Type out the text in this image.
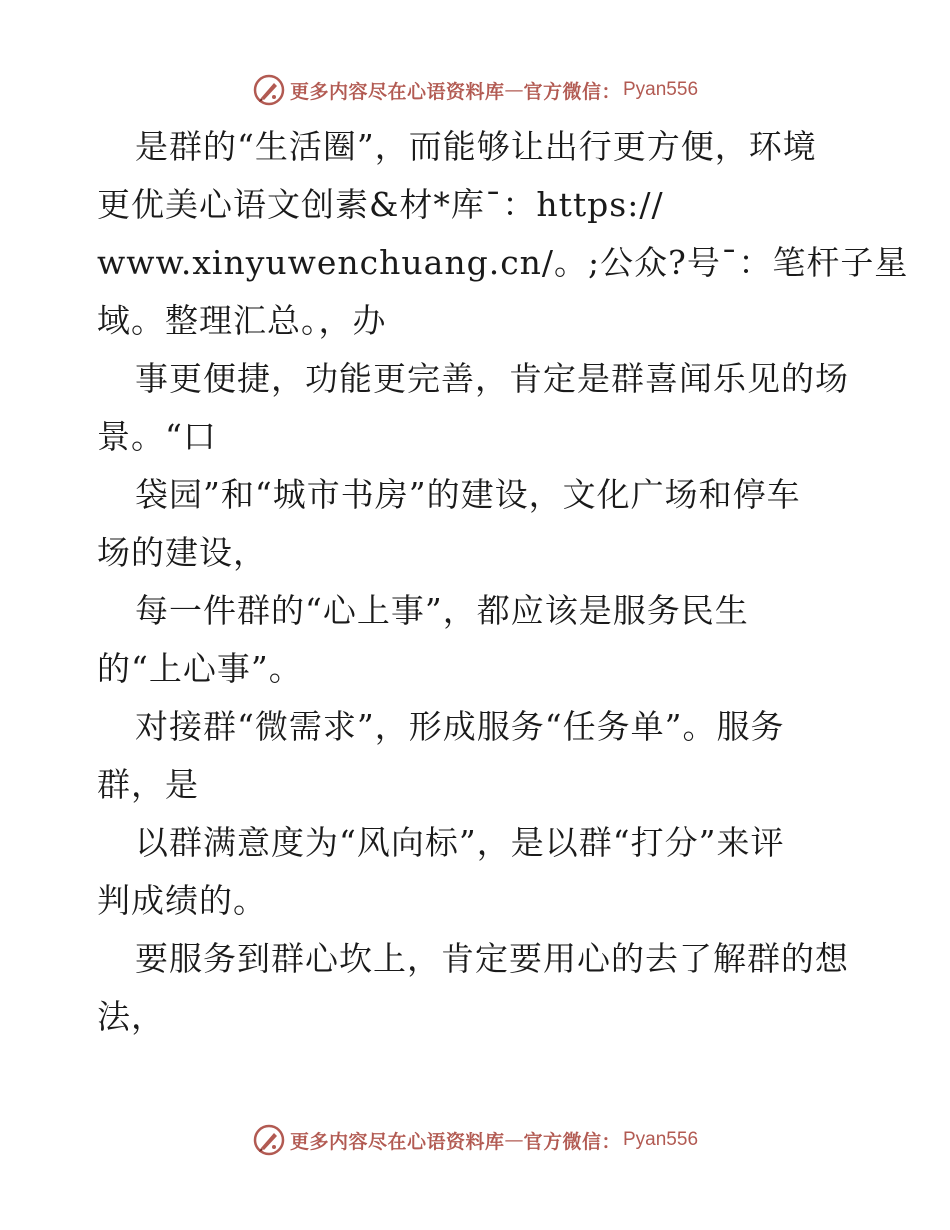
更多内容尽在心语资料库 — 官方微信： Pyan556
是群的“生活圈”，而能够让出行更方便，环境
更优美心语文创素&材*库¯：https://
www.xinyuwenchuang.cn/。;公众?号¯：笔杆子星
域。整理汇总。，办
事更便捷，功能更完善，肯定是群喜闻乐见的场
景。“口
袋园”和“城市书房”的建设，文化广场和停车
场的建设，
每一件群的“心上事”，都应该是服务民生
的“上心事”。
对接群“微需求”，形成服务“任务单”。服务
群，是
以群满意度为“风向标”，是以群“打分”来评
判成绩的。
要服务到群心坎上，肯定要用心的去了解群的想
法，
更多内容尽在心语资料库 — 官方微信： Pyan556
